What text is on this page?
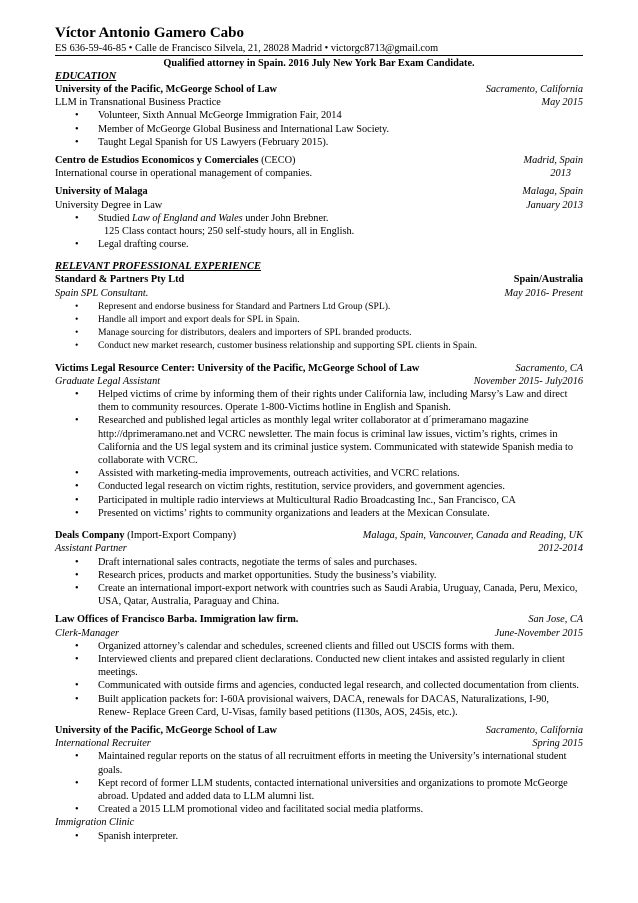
Víctor Antonio Gamero Cabo
ES 636-59-46-85 • Calle de Francisco Silvela, 21, 28028 Madrid • victorgc8713@gmail.com
Qualified attorney in Spain. 2016 July New York Bar Exam Candidate.
EDUCATION
University of the Pacific, McGeorge School of Law	Sacramento, California
LLM in Transnational Business Practice	May 2015
• Volunteer, Sixth Annual McGeorge Immigration Fair, 2014
• Member of McGeorge Global Business and International Law Society.
• Taught Legal Spanish for US Lawyers (February 2015).
Centro de Estudios Economicos y Comerciales (CECO)	Madrid, Spain
International course in operational management of companies.	2013
University of Malaga	Malaga, Spain
University Degree in Law	January 2013
• Studied Law of England and Wales under John Brebner.
125 Class contact hours; 250 self-study hours, all in English.
• Legal drafting course.
RELEVANT PROFESSIONAL EXPERIENCE
Standard & Partners Pty Ltd	Spain/Australia
Spain SPL Consultant.	May 2016- Present
• Represent and endorse business for Standard and Partners Ltd Group (SPL).
• Handle all import and export deals for SPL in Spain.
• Manage sourcing for distributors, dealers and importers of SPL branded products.
• Conduct new market research, customer business relationship and supporting SPL clients in Spain.
Victims Legal Resource Center: University of the Pacific, McGeorge School of Law	Sacramento, CA
Graduate Legal Assistant	November 2015- July2016
• Helped victims of crime by informing them of their rights under California law, including Marsy’s Law and direct them to community resources. Operate 1-800-Victims hotline in English and Spanish.
• Researched and published legal articles as monthly legal writer collaborator at d´primeramano magazine http://dprimeramano.net and VCRC newsletter. The main focus is criminal law issues, victim’s rights, crimes in California and the US legal system and its criminal justice system. Communicated with statewide Spanish media to collaborate with VCRC.
• Assisted with marketing-media improvements, outreach activities, and VCRC relations.
• Conducted legal research on victim rights, restitution, service providers, and government agencies.
• Participated in multiple radio interviews at Multicultural Radio Broadcasting Inc., San Francisco, CA
• Presented on victims’ rights to community organizations and leaders at the Mexican Consulate.
Deals Company (Import-Export Company)	Malaga, Spain, Vancouver, Canada and Reading, UK
Assistant Partner	2012-2014
• Draft international sales contracts, negotiate the terms of sales and purchases.
• Research prices, products and market opportunities. Study the business’s viability.
• Create an international import-export network with countries such as Saudi Arabia, Uruguay, Canada, Peru, Mexico, USA, Qatar, Australia, Paraguay and China.
Law Offices of Francisco Barba. Immigration law firm.	San Jose, CA
Clerk-Manager	June-November 2015
• Organized attorney’s calendar and schedules, screened clients and filled out USCIS forms with them.
• Interviewed clients and prepared client declarations. Conducted new client intakes and assisted regularly in client meetings.
• Communicated with outside firms and agencies, conducted legal research, and collected documentation from clients.
• Built application packets for: I-60A provisional waivers, DACA, renewals for DACAS, Naturalizations, I-90, Renew- Replace Green Card, U-Visas, family based petitions (I130s, AOS, 245is, etc.).
University of the Pacific, McGeorge School of Law	Sacramento, California
International Recruiter	Spring 2015
• Maintained regular reports on the status of all recruitment efforts in meeting the University’s international student goals.
• Kept record of former LLM students, contacted international universities and organizations to promote McGeorge abroad. Updated and added data to LLM alumni list.
• Created a 2015 LLM promotional video and facilitated social media platforms.
Immigration Clinic
• Spanish interpreter.
